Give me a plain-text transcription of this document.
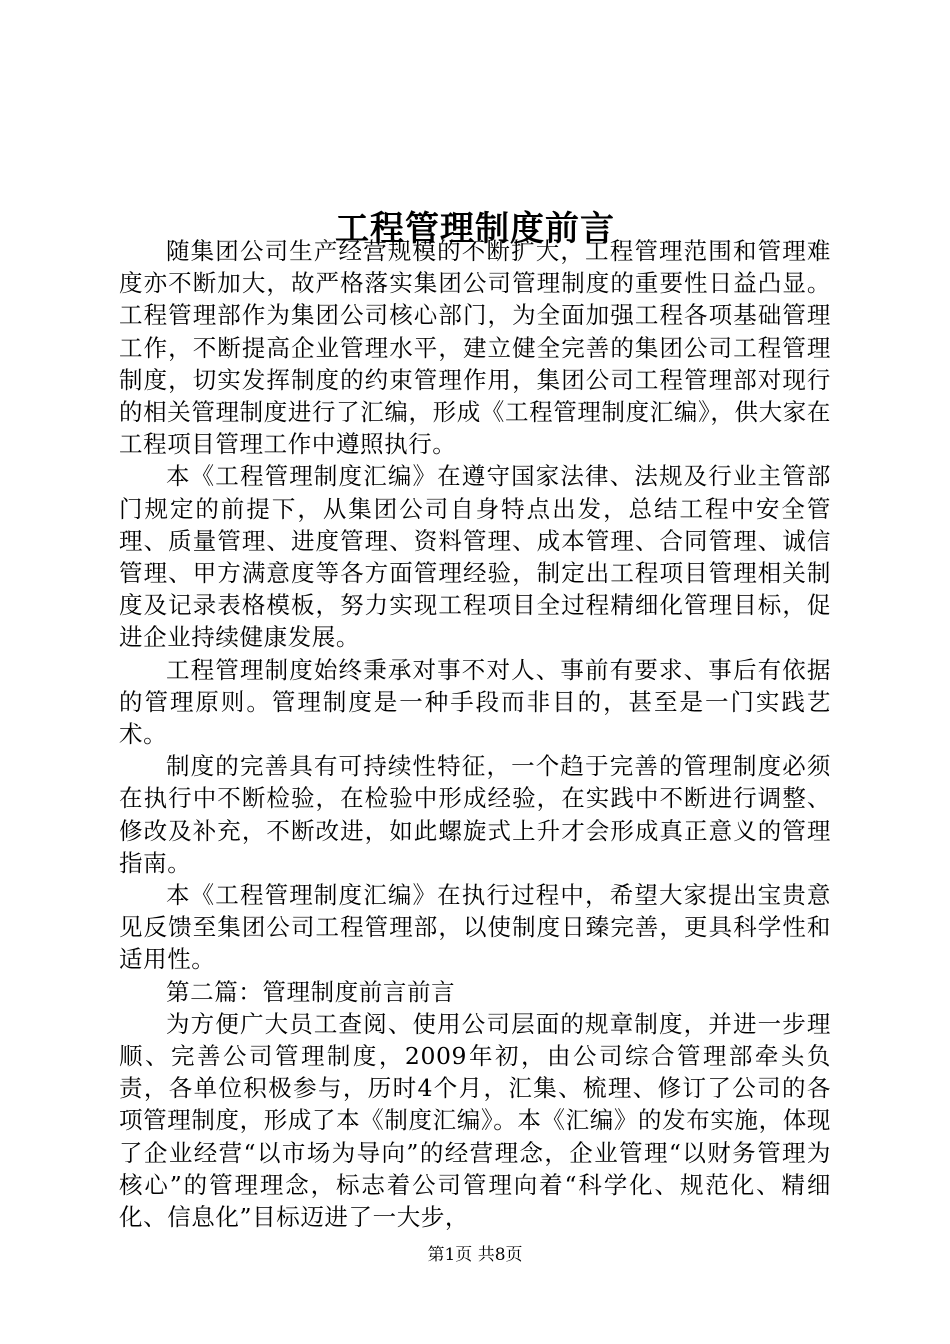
工程管理制度前言

随集团公司生产经营规模的不断扩大，工程管理范围和管理难度亦不断加大，故严格落实集团公司管理制度的重要性日益凸显。工程管理部作为集团公司核心部门，为全面加强工程各项基础管理工作，不断提高企业管理水平，建立健全完善的集团公司工程管理制度，切实发挥制度的约束管理作用，集团公司工程管理部对现行的相关管理制度进行了汇编，形成《工程管理制度汇编》，供大家在工程项目管理工作中遵照执行。

本《工程管理制度汇编》在遵守国家法律、法规及行业主管部门规定的前提下，从集团公司自身特点出发，总结工程中安全管理、质量管理、进度管理、资料管理、成本管理、合同管理、诚信管理、甲方满意度等各方面管理经验，制定出工程项目管理相关制度及记录表格模板，努力实现工程项目全过程精细化管理目标，促进企业持续健康发展。

工程管理制度始终秉承对事不对人、事前有要求、事后有依据的管理原则。管理制度是一种手段而非目的，甚至是一门实践艺术。

制度的完善具有可持续性特征，一个趋于完善的管理制度必须在执行中不断检验，在检验中形成经验，在实践中不断进行调整、修改及补充，不断改进，如此螺旋式上升才会形成真正意义的管理指南。

本《工程管理制度汇编》在执行过程中，希望大家提出宝贵意见反馈至集团公司工程管理部，以使制度日臻完善，更具科学性和适用性。

第二篇：管理制度前言前言

为方便广大员工查阅、使用公司层面的规章制度，并进一步理顺、完善公司管理制度，2009年初，由公司综合管理部牵头负责，各单位积极参与，历时4个月，汇集、梳理、修订了公司的各项管理制度，形成了本《制度汇编》。本《汇编》的发布实施，体现了企业经营“以市场为导向”的经营理念，企业管理“以财务管理为核心”的管理理念，标志着公司管理向着“科学化、规范化、精细化、信息化”目标迈进了一大步，

第1页 共8页
